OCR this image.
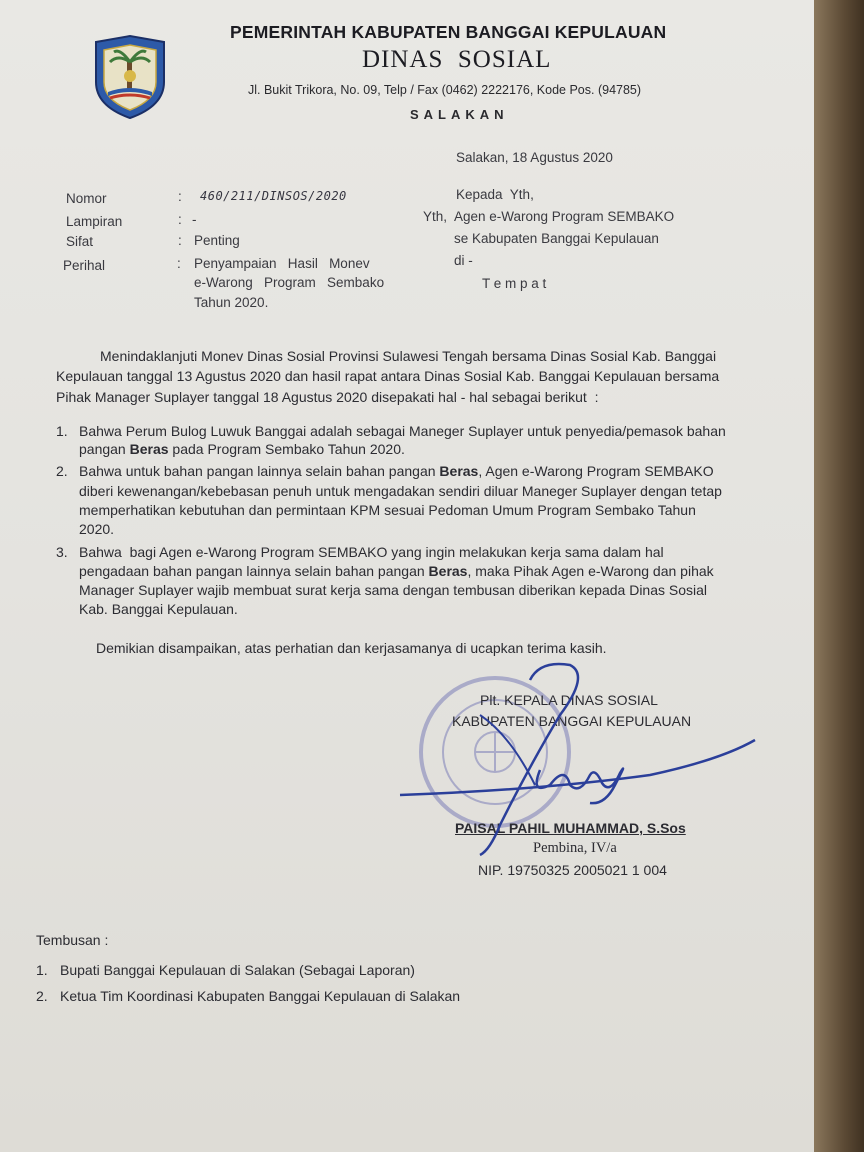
PEMERINTAH KABUPATEN BANGGAI KEPULAUAN
DINAS  SOSIAL
Jl. Bukit Trikora, No. 09, Telp / Fax (0462) 2222176, Kode Pos. (94785)
SALAKAN
Salakan, 18 Agustus 2020
Nomor	: 460/211/DINSOS/2020
Lampiran	: -
Sifat	: Penting
Perihal	: Penyampaian   Hasil   Monev
e-Warong   Program   Sembako
Tahun 2020.
Kepada  Yth,
Yth, Agen e-Warong Program SEMBAKO
se Kabupaten Banggai Kepulauan
di -
T e m p a t
Menindaklanjuti Monev Dinas Sosial Provinsi Sulawesi Tengah bersama Dinas Sosial Kab. Banggai
Kepulauan tanggal 13 Agustus 2020 dan hasil rapat antara Dinas Sosial Kab. Banggai Kepulauan bersama
Pihak Manager Suplayer tanggal 18 Agustus 2020 disepakati hal - hal sebagai berikut  :
1. Bahwa Perum Bulog Luwuk Banggai adalah sebagai Maneger Suplayer untuk penyedia/pemasok bahan
pangan Beras pada Program Sembako Tahun 2020.
2. Bahwa untuk bahan pangan lainnya selain bahan pangan Beras, Agen e-Warong Program SEMBAKO
diberi kewenangan/kebebasan penuh untuk mengadakan sendiri diluar Maneger Suplayer dengan tetap
memperhatikan kebutuhan dan permintaan KPM sesuai Pedoman Umum Program Sembako Tahun
2020.
3. Bahwa  bagi Agen e-Warong Program SEMBAKO yang ingin melakukan kerja sama dalam hal
pengadaan bahan pangan lainnya selain bahan pangan Beras, maka Pihak Agen e-Warong dan pihak
Manager Suplayer wajib membuat surat kerja sama dengan tembusan diberikan kepada Dinas Sosial
Kab. Banggai Kepulauan.
Demikian disampaikan, atas perhatian dan kerjasamanya di ucapkan terima kasih.
Plt. KEPALA DINAS SOSIAL
KABUPATEN BANGGAI KEPULAUAN
PAISAL PAHIL MUHAMMAD, S.Sos
Pembina, IV/a
NIP. 19750325 2005021 1 004
Tembusan :
1. Bupati Banggai Kepulauan di Salakan (Sebagai Laporan)
2. Ketua Tim Koordinasi Kabupaten Banggai Kepulauan di Salakan
